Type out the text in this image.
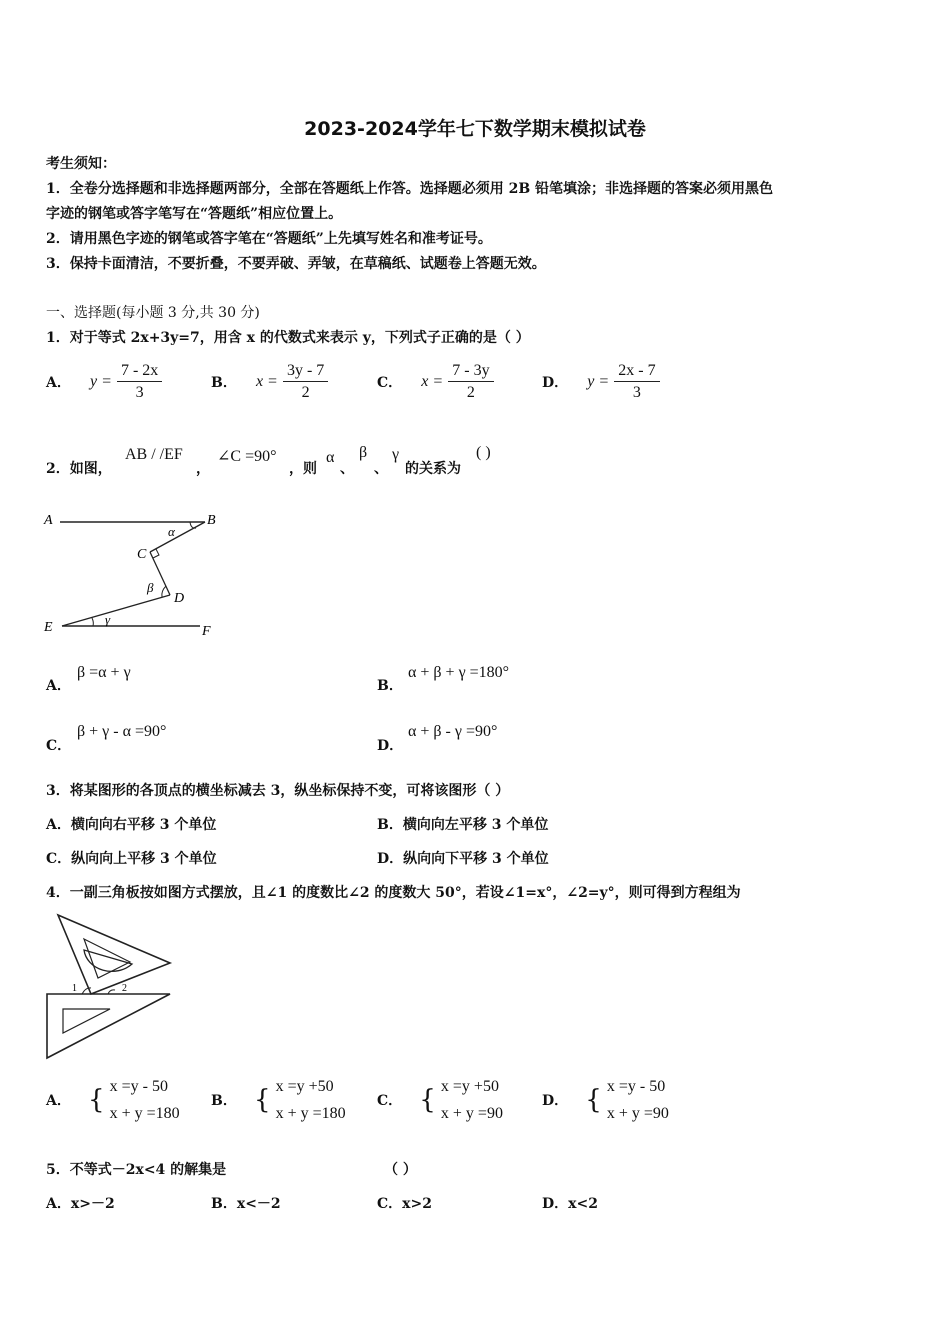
2023-2024学年七下数学期末模拟试卷
考生须知：
1．全卷分选择题和非选择题两部分，全部在答题纸上作答。选择题必须用 2B 铅笔填涂；非选择题的答案必须用黑色
字迹的钢笔或答字笔写在“答题纸”相应位置上。
2．请用黑色字迹的钢笔或答字笔在“答题纸”上先填写姓名和准考证号。
3．保持卡面清洁，不要折叠，不要弄破、弄皱，在草稿纸、试题卷上答题无效。
一、选择题(每小题 3 分,共 30 分)
1．对于等式 2x+3y=7，用含 x 的代数式来表示 y，下列式子正确的是（ ）
A． $y = \frac{7 - 2x}{3}$	B． $x = \frac{3y - 7}{2}$	C． $x = \frac{7 - 3y}{2}$	D． $y = \frac{2x - 7}{3}$
2．如图，
AB / /EF
，
∠C =90°
，则
α
、
β
、
γ
的关系为
( )
A	B
C
D
E	F
α
β
γ
A．
β =α + γ
B．
α + β + γ =180°
C．
β + γ - α =90°
D．
α + β - γ =90°
3．将某图形的各顶点的横坐标减去 3，纵坐标保持不变，可将该图形（ ）
A．横向向右平移 3 个单位	B．横向向左平移 3 个单位
C．纵向向上平移 3 个单位	D．纵向向下平移 3 个单位
4．一副三角板按如图方式摆放，且∠1 的度数比∠2 的度数大 50°，若设∠1=x°，∠2=y°，则可得到方程组为
1	2
A． { x =y - 50
x + y =180
B． { x =y +50
x + y =180
C． { x =y +50
x + y =90
D． { x =y - 50
x + y =90
5．不等式－2x<4 的解集是	（ ）
A．x>－2	B．x<－2	C．x>2	D．x<2
